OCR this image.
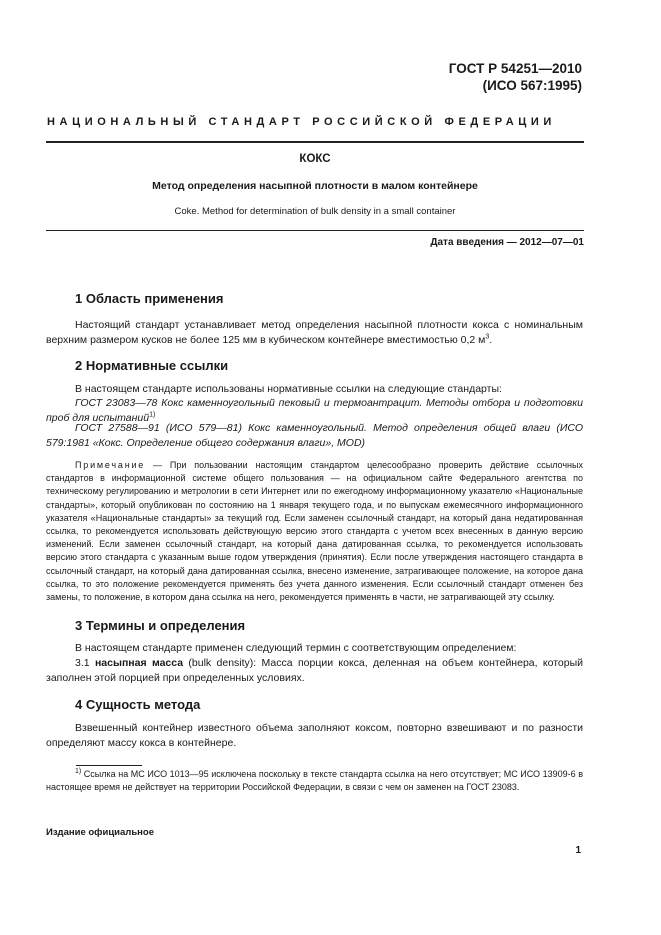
ГОСТ Р 54251—2010
(ИСО 567:1995)
НАЦИОНАЛЬНЫЙ СТАНДАРТ РОССИЙСКОЙ ФЕДЕРАЦИИ
КОКС
Метод определения насыпной плотности в малом контейнере
Coke. Method for determination of bulk density in a small container
Дата введения — 2012—07—01
1 Область применения
Настоящий стандарт устанавливает метод определения насыпной плотности кокса с номинальным верхним размером кусков не более 125 мм в кубическом контейнере вместимостью 0,2 $м^3$.
2 Нормативные ссылки
В настоящем стандарте использованы нормативные ссылки на следующие стандарты:
ГОСТ 23083—78 Кокс каменноугольный пековый и термоантрацит. Методы отбора и подготовки проб для испытаний$^{1)}$
ГОСТ 27588—91 (ИСО 579—81) Кокс каменноугольный. Метод определения общей влаги (ИСО 579:1981 «Кокс. Определение общего содержания влаги», MOD)
Примечание — При пользовании настоящим стандартом целесообразно проверить действие ссылочных стандартов в информационной системе общего пользования — на официальном сайте Федерального агентства по техническому регулированию и метрологии в сети Интернет или по ежегодному информационному указателю «Национальные стандарты», который опубликован по состоянию на 1 января текущего года, и по выпускам ежемесячного информационного указателя «Национальные стандарты» за текущий год. Если заменен ссылочный стандарт, на который дана недатированная ссылка, то рекомендуется использовать действующую версию этого стандарта с учетом всех внесенных в данную версию изменений. Если заменен ссылочный стандарт, на который дана датированная ссылка, то рекомендуется использовать версию этого стандарта с указанным выше годом утверждения (принятия). Если после утверждения настоящего стандарта в ссылочный стандарт, на который дана датированная ссылка, внесено изменение, затрагивающее положение, на которое дана ссылка, то это положение рекомендуется применять без учета данного изменения. Если ссылочный стандарт отменен без замены, то положение, в котором дана ссылка на него, рекомендуется применять в части, не затрагивающей эту ссылку.
3 Термины и определения
В настоящем стандарте применен следующий термин с соответствующим определением:
3.1 насыпная масса (bulk density): Масса порции кокса, деленная на объем контейнера, который заполнен этой порцией при определенных условиях.
4 Сущность метода
Взвешенный контейнер известного объема заполняют коксом, повторно взвешивают и по разности определяют массу кокса в контейнере.
$^{1)}$ Ссылка на МС ИСО 1013—95 исключена поскольку в тексте стандарта ссылка на него отсутствует; МС ИСО 13909-6 в настоящее время не действует на территории Российской Федерации, в связи с чем он заменен на ГОСТ 23083.
Издание официальное
1
